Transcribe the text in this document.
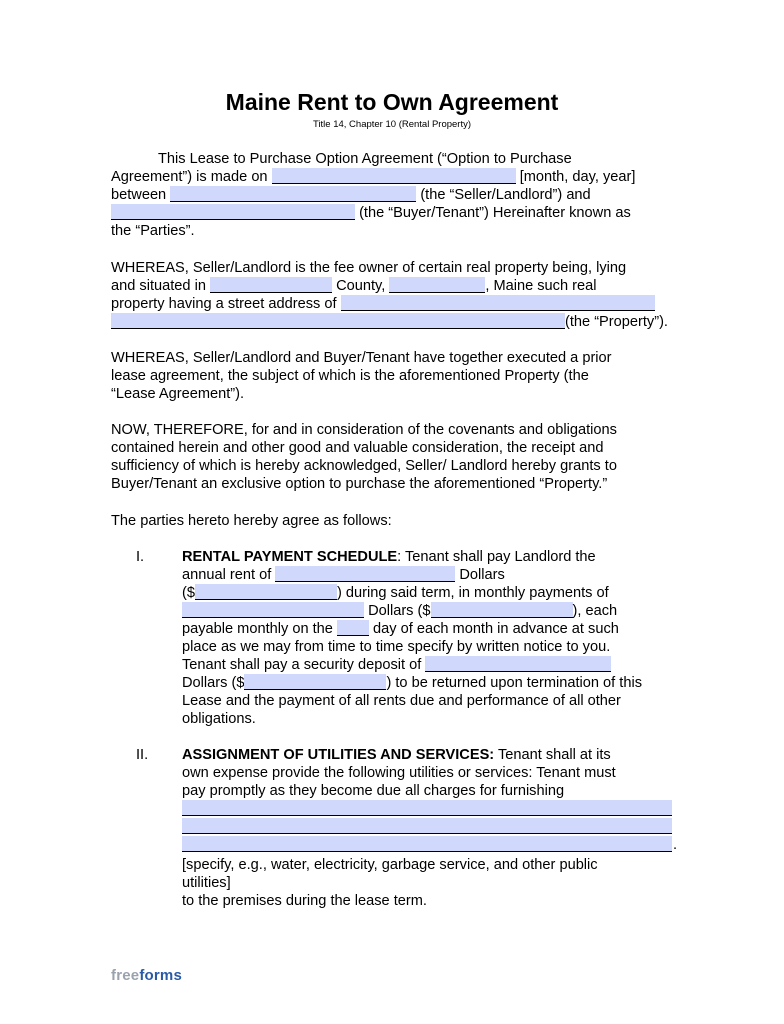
Maine Rent to Own Agreement
Title 14, Chapter 10 (Rental Property)
This Lease to Purchase Option Agreement (“Option to Purchase
Agreement”) is made on	[month, day, year]
between	(the “Seller/Landlord”) and
(the “Buyer/Tenant”) Hereinafter known as
the “Parties”.
WHEREAS, Seller/Landlord is the fee owner of certain real property being, lying
and situated in	County,	, Maine such real
property having a street address of
(the “Property”).
WHEREAS, Seller/Landlord and Buyer/Tenant have together executed a prior
lease agreement, the subject of which is the aforementioned Property (the
“Lease Agreement”).
NOW, THEREFORE, for and in consideration of the covenants and obligations
contained herein and other good and valuable consideration, the receipt and
sufficiency of which is hereby acknowledged, Seller/ Landlord hereby grants to
Buyer/Tenant an exclusive option to purchase the aforementioned “Property.”
The parties hereto hereby agree as follows:
I.	RENTAL PAYMENT SCHEDULE: Tenant shall pay Landlord the
annual rent of	Dollars
($	) during said term, in monthly payments of
Dollars ($	), each
payable monthly on the	day of each month in advance at such
place as we may from time to time specify by written notice to you.
Tenant shall pay a security deposit of
Dollars ($	) to be returned upon termination of this
Lease and the payment of all rents due and performance of all other
obligations.
II. ASSIGNMENT OF UTILITIES AND SERVICES: Tenant shall at its
own expense provide the following utilities or services: Tenant must
pay promptly as they become due all charges for furnishing
.
[specify, e.g., water, electricity, garbage service, and other public
utilities]
to the premises during the lease term.
freeforms
